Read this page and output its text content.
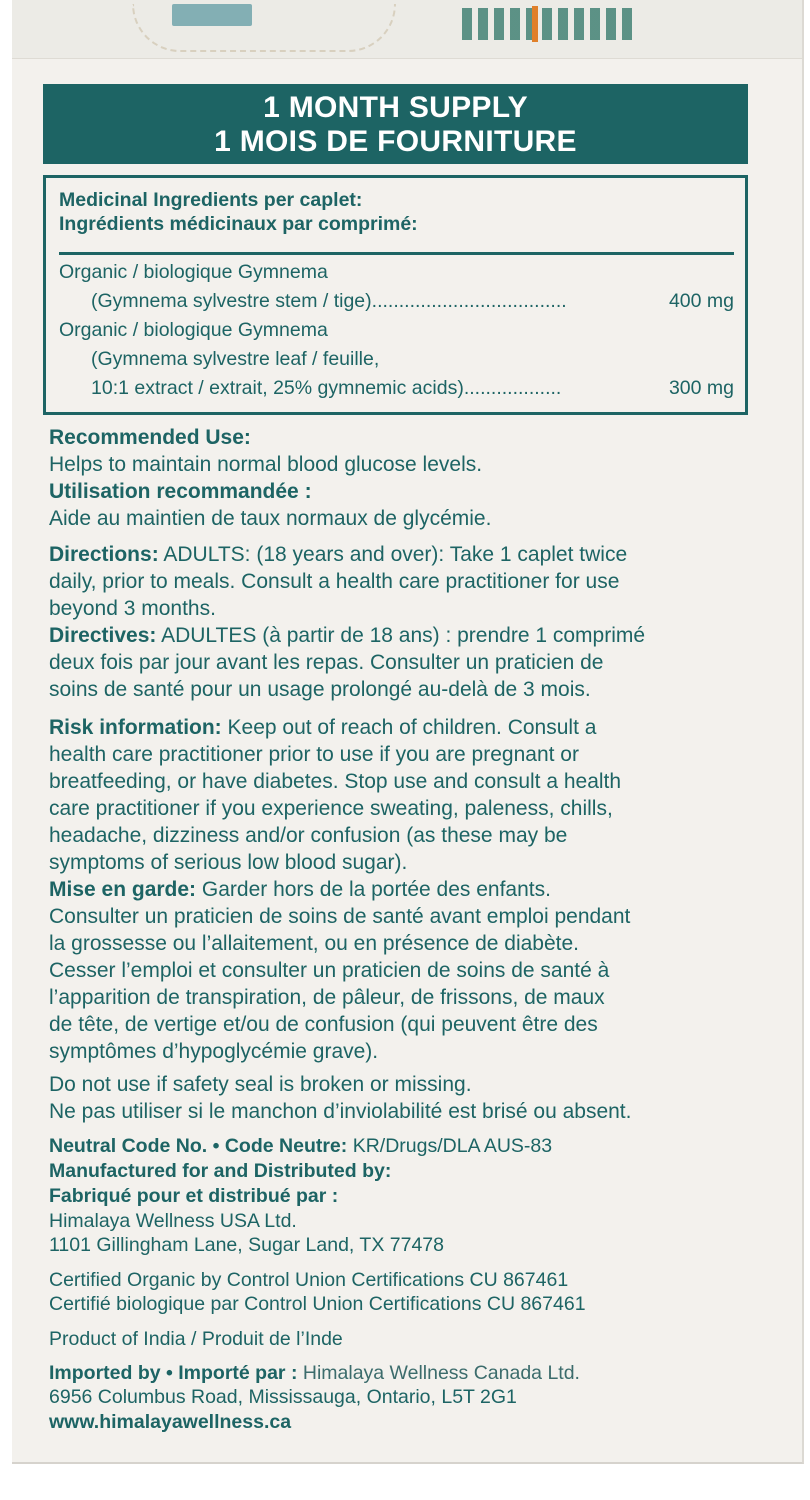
1 MONTH SUPPLY
1 MOIS DE FOURNITURE
Medicinal Ingredients per caplet:
Ingrédients médicinaux par comprimé:
Organic / biologique Gymnema
(Gymnema sylvestre stem / tige)....................................	400 mg
Organic / biologique Gymnema
(Gymnema sylvestre leaf / feuille,
10:1 extract / extrait, 25% gymnemic acids)..................	300 mg
Recommended Use:
Helps to maintain normal blood glucose levels.
Utilisation recommandée :
Aide au maintien de taux normaux de glycémie.
Directions: ADULTS: (18 years and over): Take 1 caplet twice
daily, prior to meals. Consult a health care practitioner for use
beyond 3 months.
Directives: ADULTES (à partir de 18 ans) : prendre 1 comprimé
deux fois par jour avant les repas. Consulter un praticien de
soins de santé pour un usage prolongé au-delà de 3 mois.
Risk information: Keep out of reach of children. Consult a
health care practitioner prior to use if you are pregnant or
breatfeeding, or have diabetes. Stop use and consult a health
care practitioner if you experience sweating, paleness, chills,
headache, dizziness and/or confusion (as these may be
symptoms of serious low blood sugar).
Mise en garde: Garder hors de la portée des enfants.
Consulter un praticien de soins de santé avant emploi pendant
la grossesse ou l’allaitement, ou en présence de diabète.
Cesser l’emploi et consulter un praticien de soins de santé à
l’apparition de transpiration, de pâleur, de frissons, de maux
de tête, de vertige et/ou de confusion (qui peuvent être des
symptômes d’hypoglycémie grave).
Do not use if safety seal is broken or missing.
Ne pas utiliser si le manchon d’inviolabilité est brisé ou absent.
Neutral Code No. • Code Neutre: KR/Drugs/DLA AUS-83
Manufactured for and Distributed by:
Fabriqué pour et distribué par :
Himalaya Wellness USA Ltd.
1101 Gillingham Lane, Sugar Land, TX 77478
Certified Organic by Control Union Certifications CU 867461
Certifié biologique par Control Union Certifications CU 867461
Product of India / Produit de l’Inde
Imported by • Importé par : Himalaya Wellness Canada Ltd.
6956 Columbus Road, Mississauga, Ontario, L5T 2G1
www.himalayawellness.ca
